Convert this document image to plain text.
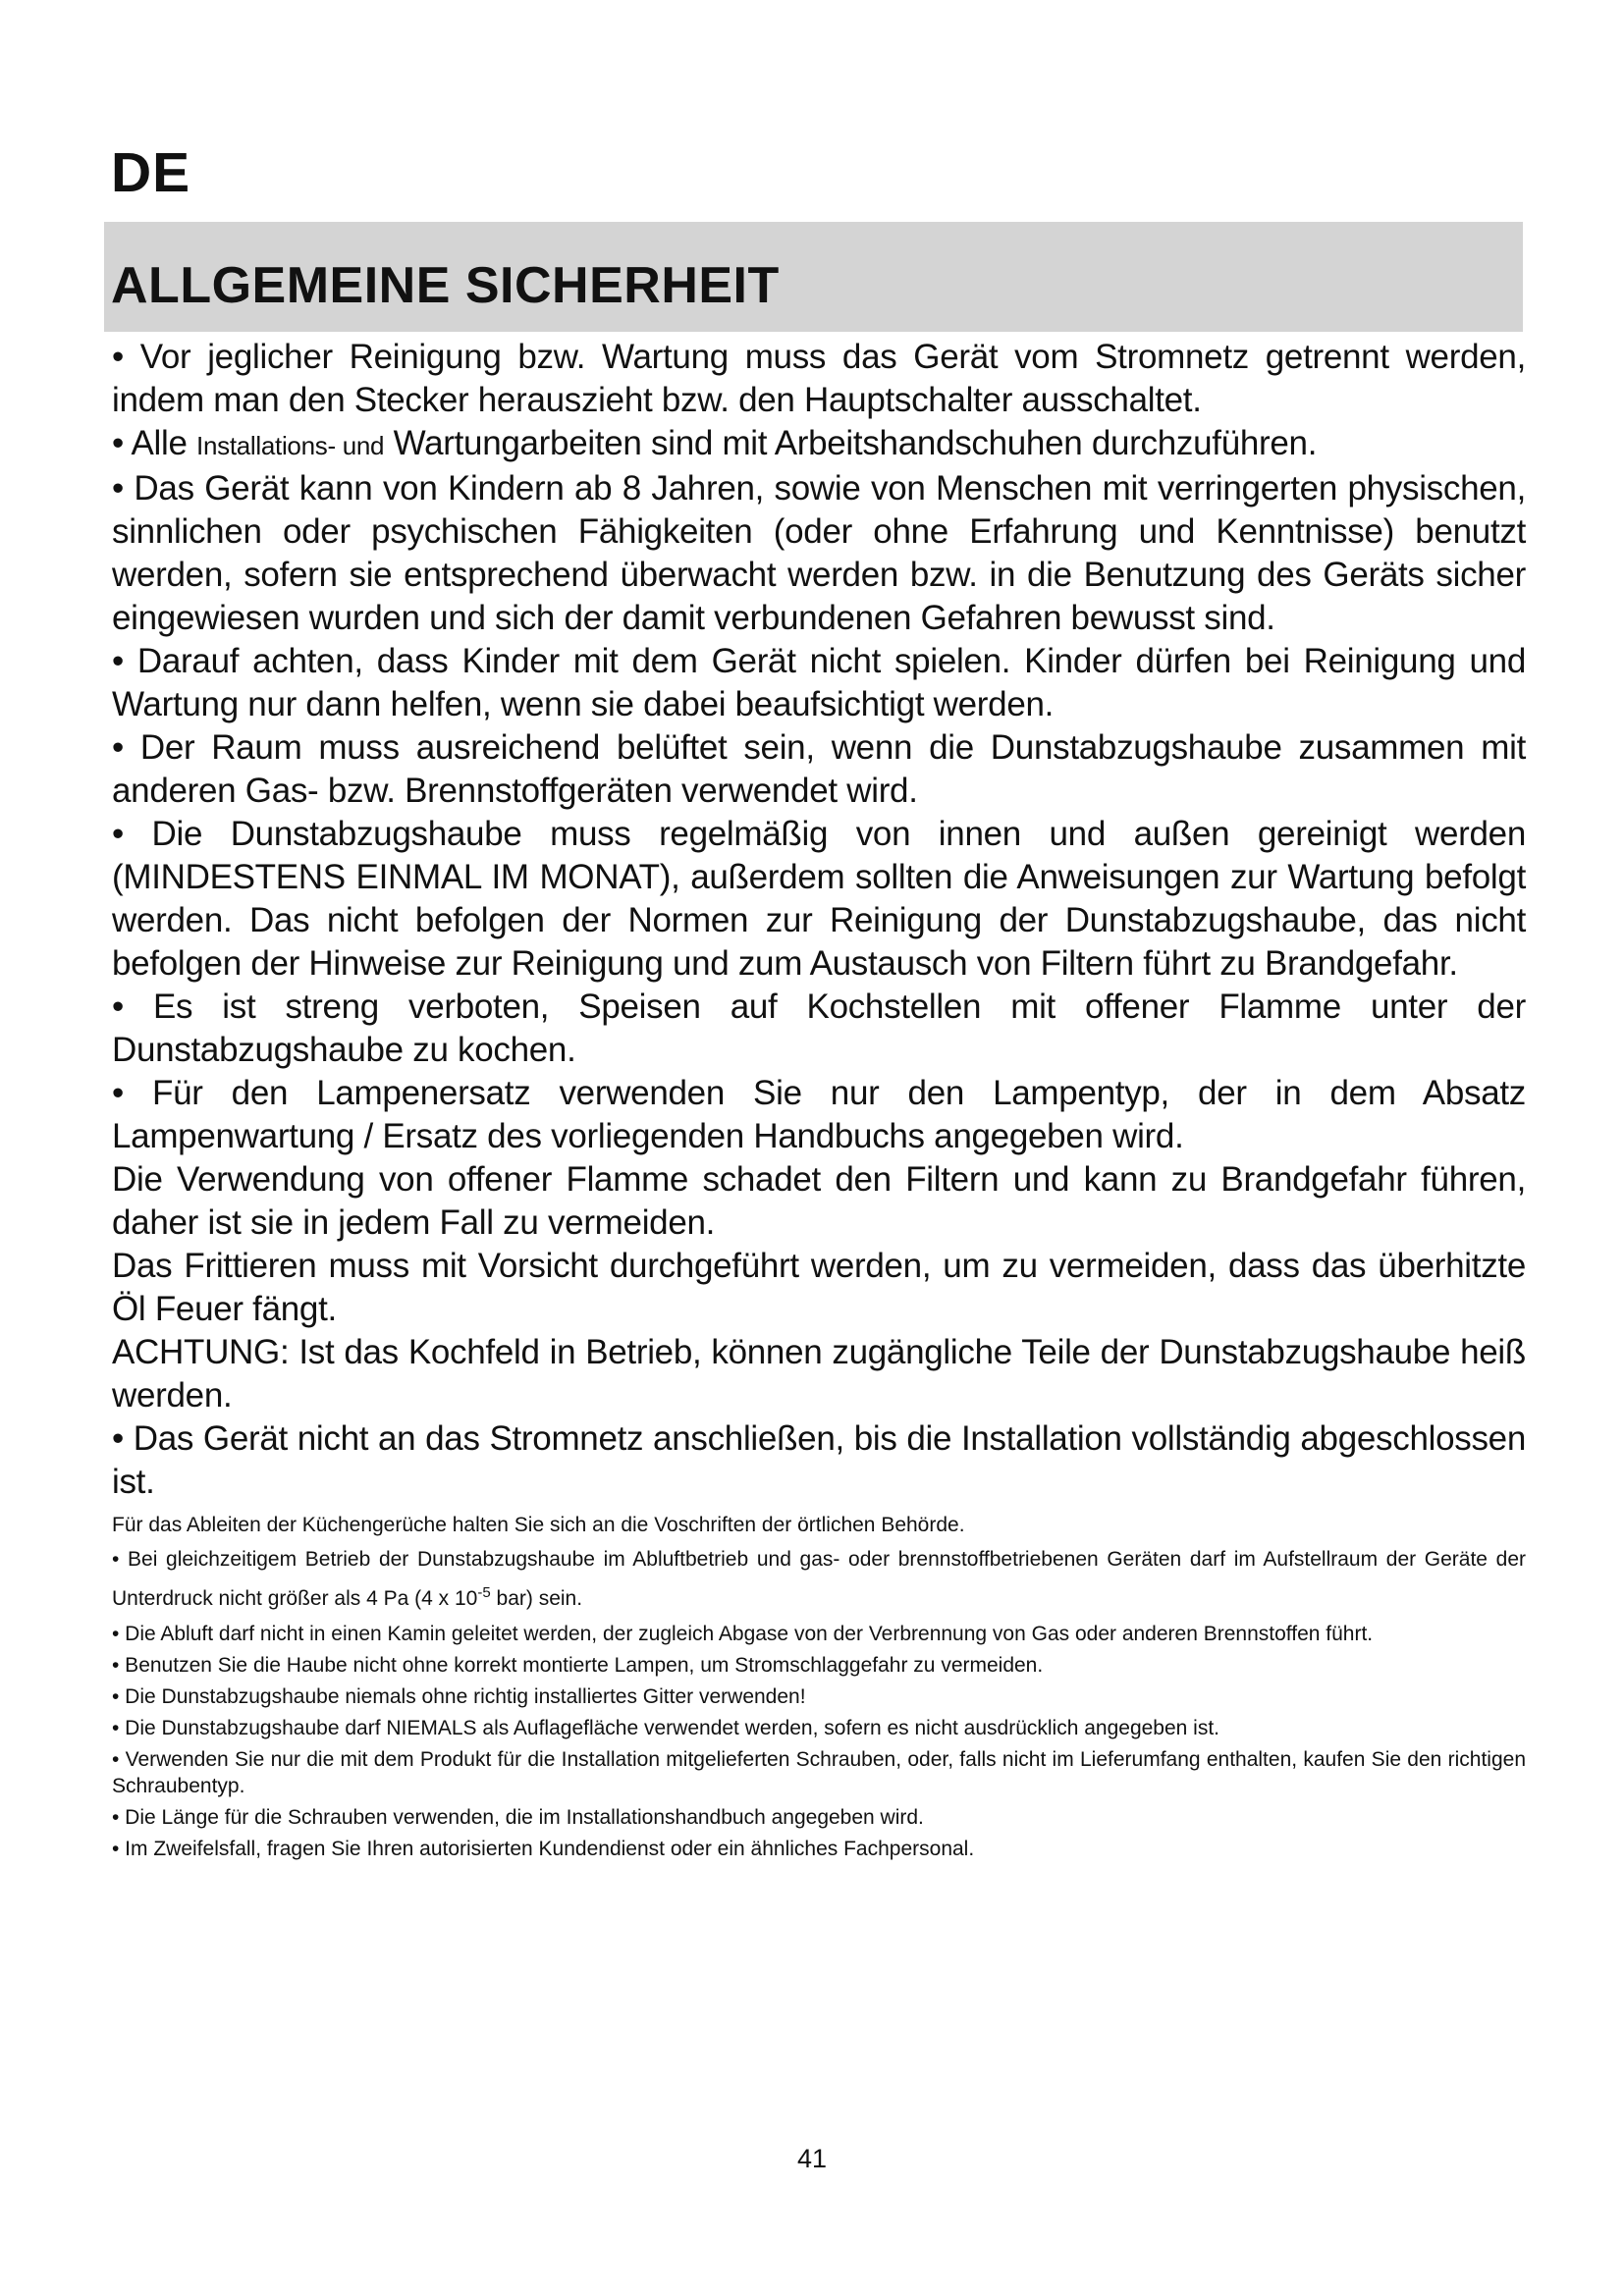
DE
ALLGEMEINE SICHERHEIT

• Vor jeglicher Reinigung bzw. Wartung muss das Gerät vom Stromnetz getrennt werden, indem man den Stecker herauszieht bzw. den Hauptschalter ausschaltet.

• Alle Installations- und Wartungarbeiten sind mit Arbeitshandschuhen durchzuführen.

• Das Gerät kann von Kindern ab 8 Jahren, sowie von Menschen mit verringerten physischen, sinnlichen oder psychischen Fähigkeiten (oder ohne Erfahrung und Kenntnisse) benutzt werden, sofern sie entsprechend überwacht werden bzw. in die Benutzung des Geräts sicher eingewiesen wurden und sich der damit verbundenen Gefahren bewusst sind.

• Darauf achten, dass Kinder mit dem Gerät nicht spielen. Kinder dürfen bei Reinigung und Wartung nur dann helfen, wenn sie dabei beaufsichtigt werden.

• Der Raum muss ausreichend belüftet sein, wenn die Dunstabzugshaube zusammen mit anderen Gas- bzw. Brennstoffgeräten verwendet wird.

• Die Dunstabzugshaube muss regelmäßig von innen und außen gereinigt werden (MINDESTENS EINMAL IM MONAT), außerdem sollten die Anweisungen zur Wartung befolgt werden. Das nicht befolgen der Normen zur Reinigung der Dunstabzugshaube, das nicht befolgen der Hinweise zur Reinigung und zum Austausch von Filtern führt zu Brandgefahr.

• Es ist streng verboten, Speisen auf Kochstellen mit offener Flamme unter der Dunstabzugshaube zu kochen.

• Für den Lampenersatz verwenden Sie nur den Lampentyp, der in dem Absatz Lampenwartung / Ersatz des vorliegenden Handbuchs angegeben wird.

Die Verwendung von offener Flamme schadet den Filtern und kann zu Brandgefahr führen, daher ist sie in jedem Fall zu vermeiden.

Das Frittieren muss mit Vorsicht durchgeführt werden, um zu vermeiden, dass das überhitzte Öl Feuer fängt.

ACHTUNG: Ist das Kochfeld in Betrieb, können zugängliche Teile der Dunstabzugshaube heiß werden.

• Das Gerät nicht an das Stromnetz anschließen, bis die Installation vollständig abgeschlossen ist.

Für das Ableiten der Küchengerüche halten Sie sich an die Voschriften der örtlichen Behörde.

• Bei gleichzeitigem Betrieb der Dunstabzugshaube im Abluftbetrieb und gas- oder brennstoffbetriebenen Geräten darf im Aufstellraum der Geräte der Unterdruck nicht größer als 4 Pa (4 x $10^{-5}$ bar) sein.

• Die Abluft darf nicht in einen Kamin geleitet werden, der zugleich Abgase von der Verbrennung von Gas oder anderen Brennstoffen führt.

• Benutzen Sie die Haube nicht ohne korrekt montierte Lampen, um Stromschlaggefahr zu vermeiden.

• Die Dunstabzugshaube niemals ohne richtig installiertes Gitter verwenden!

• Die Dunstabzugshaube darf NIEMALS als Auflagefläche verwendet werden, sofern es nicht ausdrücklich angegeben ist.

• Verwenden Sie nur die mit dem Produkt für die Installation mitgelieferten Schrauben, oder, falls nicht im Lieferumfang enthalten, kaufen Sie den richtigen Schraubentyp.

• Die Länge für die Schrauben verwenden, die im Installationshandbuch angegeben wird.

• Im Zweifelsfall, fragen Sie Ihren autorisierten Kundendienst oder ein ähnliches Fachpersonal.

41
